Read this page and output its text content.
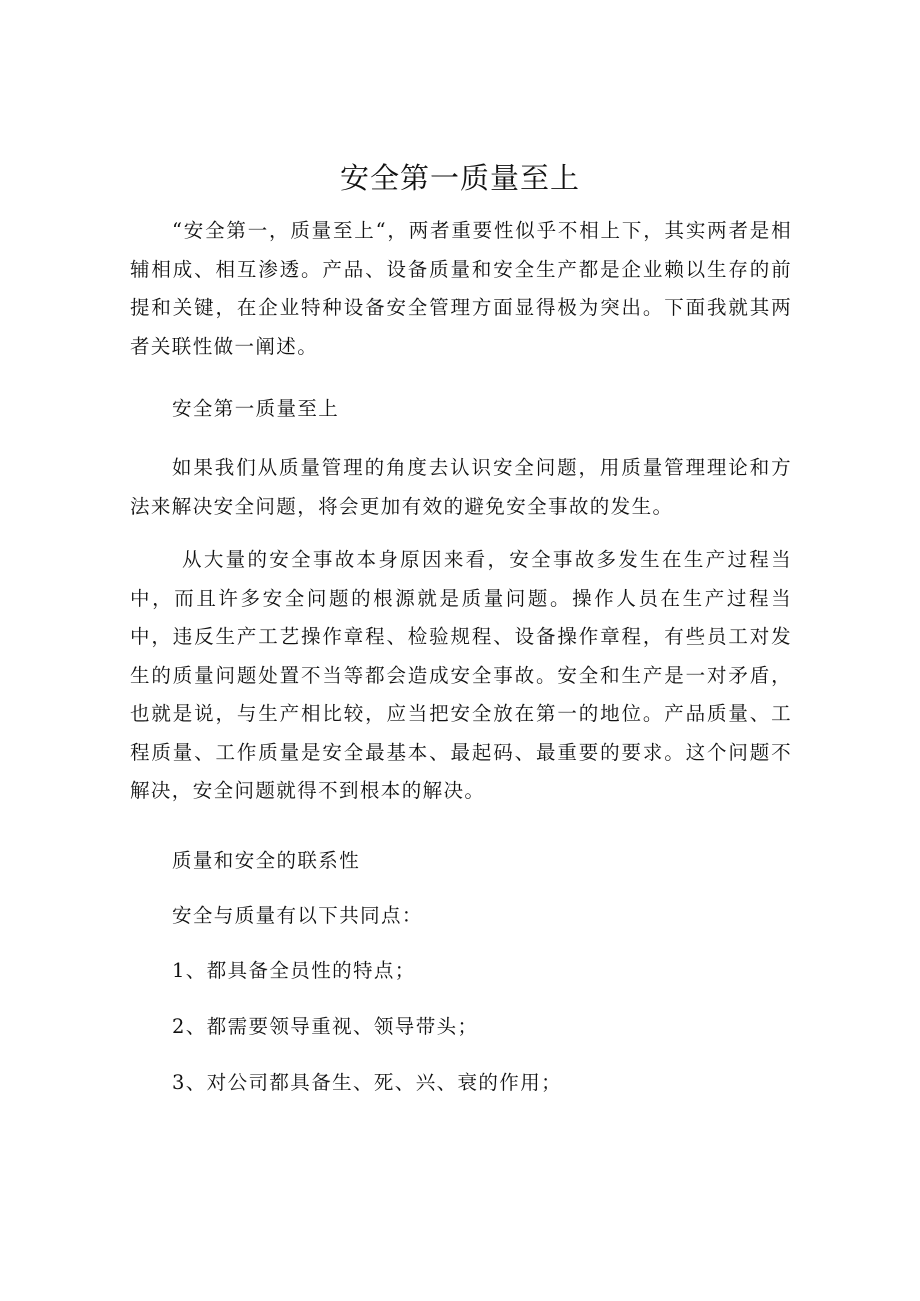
安全第一质量至上
“安全第一，质量至上“，两者重要性似乎不相上下，其实两者是相辅相成、相互渗透。产品、设备质量和安全生产都是企业赖以生存的前提和关键，在企业特种设备安全管理方面显得极为突出。下面我就其两者关联性做一阐述。
安全第一质量至上
如果我们从质量管理的角度去认识安全问题，用质量管理理论和方法来解决安全问题，将会更加有效的避免安全事故的发生。
从大量的安全事故本身原因来看，安全事故多发生在生产过程当中，而且许多安全问题的根源就是质量问题。操作人员在生产过程当中，违反生产工艺操作章程、检验规程、设备操作章程，有些员工对发生的质量问题处置不当等都会造成安全事故。安全和生产是一对矛盾，也就是说，与生产相比较，应当把安全放在第一的地位。产品质量、工程质量、工作质量是安全最基本、最起码、最重要的要求。这个问题不解决，安全问题就得不到根本的解决。
质量和安全的联系性
安全与质量有以下共同点：
1、都具备全员性的特点；
2、都需要领导重视、领导带头；
3、对公司都具备生、死、兴、衰的作用；
